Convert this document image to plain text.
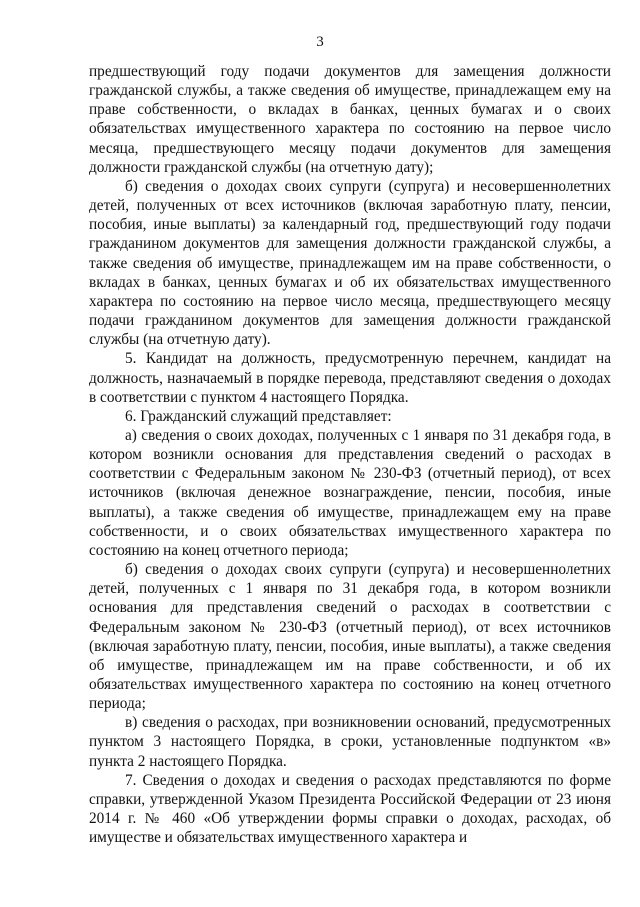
3

предшествующий году подачи документов для замещения должности гражданской службы, а также сведения об имуществе, принадлежащем ему на праве собственности, о вкладах в банках, ценных бумагах и о своих обязательствах имущественного характера по состоянию на первое число месяца, предшествующего месяцу подачи документов для замещения должности гражданской службы (на отчетную дату);

б) сведения о доходах своих супруги (супруга) и несовершеннолетних детей, полученных от всех источников (включая заработную плату, пенсии, пособия, иные выплаты) за календарный год, предшествующий году подачи гражданином документов для замещения должности гражданской службы, а также сведения об имуществе, принадлежащем им на праве собственности, о вкладах в банках, ценных бумагах и об их обязательствах имущественного характера по состоянию на первое число месяца, предшествующего месяцу подачи гражданином документов для замещения должности гражданской службы (на отчетную дату).

5. Кандидат на должность, предусмотренную перечнем, кандидат на должность, назначаемый в порядке перевода, представляют сведения о доходах в соответствии с пунктом 4 настоящего Порядка.

6. Гражданский служащий представляет:

а) сведения о своих доходах, полученных с 1 января по 31 декабря года, в котором возникли основания для представления сведений о расходах в соответствии с Федеральным законом № 230-ФЗ (отчетный период), от всех источников (включая денежное вознаграждение, пенсии, пособия, иные выплаты), а также сведения об имуществе, принадлежащем ему на праве собственности, и о своих обязательствах имущественного характера по состоянию на конец отчетного периода;

б) сведения о доходах своих супруги (супруга) и несовершеннолетних детей, полученных с 1 января по 31 декабря года, в котором возникли основания для представления сведений о расходах в соответствии с Федеральным законом № 230-ФЗ (отчетный период), от всех источников (включая заработную плату, пенсии, пособия, иные выплаты), а также сведения об имуществе, принадлежащем им на праве собственности, и об их обязательствах имущественного характера по состоянию на конец отчетного периода;

в) сведения о расходах, при возникновении оснований, предусмотренных пунктом 3 настоящего Порядка, в сроки, установленные подпунктом «в» пункта 2 настоящего Порядка.

7. Сведения о доходах и сведения о расходах представляются по форме справки, утвержденной Указом Президента Российской Федерации от 23 июня 2014 г. № 460 «Об утверждении формы справки о доходах, расходах, об имуществе и обязательствах имущественного характера и
